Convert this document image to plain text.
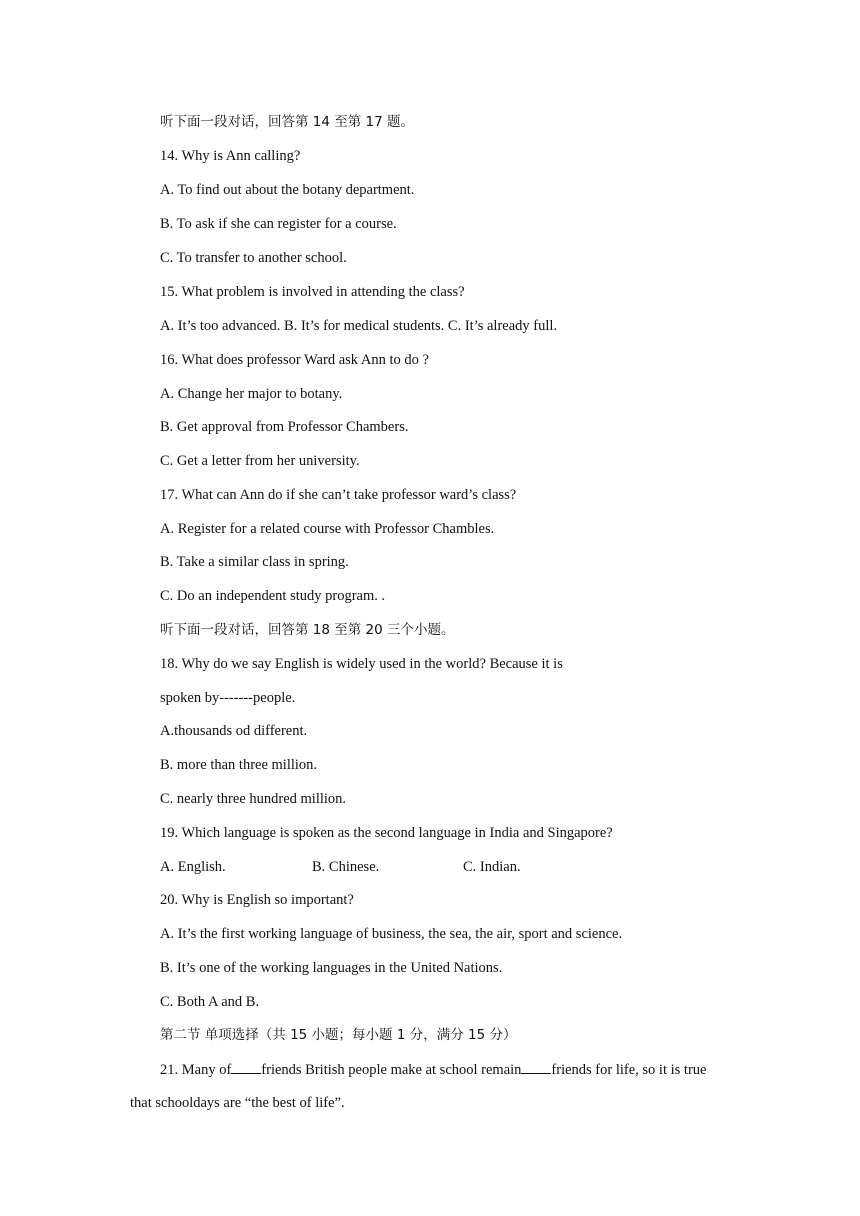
听下面一段对话，回答第 14 至第 17 题。
14. Why is Ann calling?
A. To find out about the botany department.
B. To ask if she can register for a course.
C. To transfer to another school.
15. What problem is involved in attending the class?
A. It’s too advanced. B. It’s for medical students. C. It’s already full.
16. What does professor Ward ask Ann to do ?
A. Change her major to botany.
B. Get approval from Professor Chambers.
C. Get a letter from her university.
17. What can Ann do if she can’t take professor ward’s class?
A. Register for a related course with Professor Chambles.
B. Take a similar class in spring.
C. Do an independent study program. .
听下面一段对话，回答第 18 至第 20 三个小题。
18. Why do we say English is widely used in the world? Because it is
spoken by-------people.
A.thousands od different.
B. more than three million.
C. nearly three hundred million.
19. Which language is spoken as the second language in India and Singapore?
A. English.	B. Chinese.	C. Indian.
20. Why is English so important?
A. It’s the first working language of business, the sea, the air, sport and science.
B. It’s one of the working languages in the United Nations.
C. Both A and B.
第二节 单项选择（共 15 小题；每小题 1 分，满分 15 分）
21. Many of friends British people make at school remain friends for life, so it is true
that schooldays are “the best of life”.
